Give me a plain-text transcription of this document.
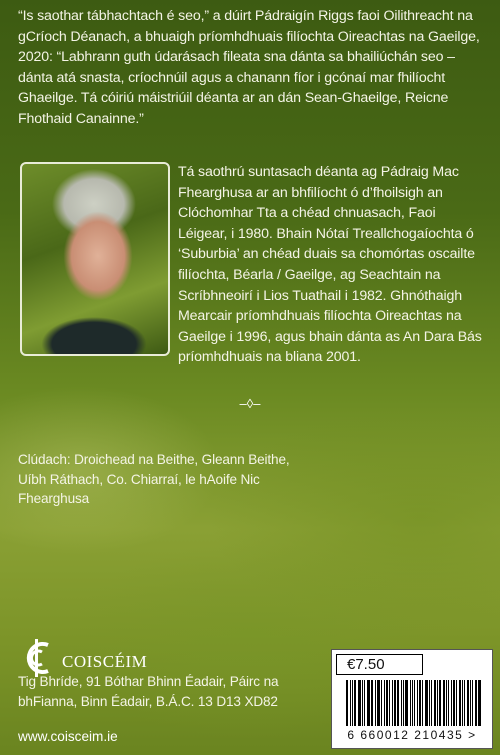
“Is saothar tábhachtach é seo,” a dúirt Pádraigín Riggs faoi Oilithreacht na gCríoch Déanach, a bhuaigh príomhdhuais filíochta Oireachtas na Gaeilge, 2020: “Labhrann guth údarásach fileata sna dánta sa bhailiúchán seo – dánta atá snasta, críochnúil agus a chanann fíor i gcónaí mar fhilíocht Ghaeilge. Tá cóiriú máistriúil déanta ar an dán Sean-Ghaeilge, Reicne Fhothaid Canainne.”
Tá saothrú suntasach déanta ag Pádraig Mac Fhearghusa ar an bhfilíocht ó d’fhoilsigh an Clóchomhar Tta a chéad chnuasach, Faoi Léigear, i 1980. Bhain Nótaí Treallchogaíochta ó ‘Suburbia’ an chéad duais sa chomórtas oscailte filíochta, Béarla / Gaeilge, ag Seachtain na Scríbhneoirí i Lios Tuathail i 1982. Ghnóthaigh Mearcair príomhdhuais filíochta Oireachtas na Gaeilge i 1996, agus bhain dánta as An Dara Bás príomhdhuais na bliana 2001.
–◊–
Clúdach: Droichead na Beithe, Gleann Beithe, Uíbh Ráthach, Co. Chiarraí, le hAoife Nic Fhearghusa
COISCÉIM
Tig Bhríde, 91 Bóthar Bhinn Éadair, Páirc na bhFianna, Binn Éadair, B.Á.C. 13 D13 XD82
www.coisceim.ie
€7.50
6 660012 210435 >
